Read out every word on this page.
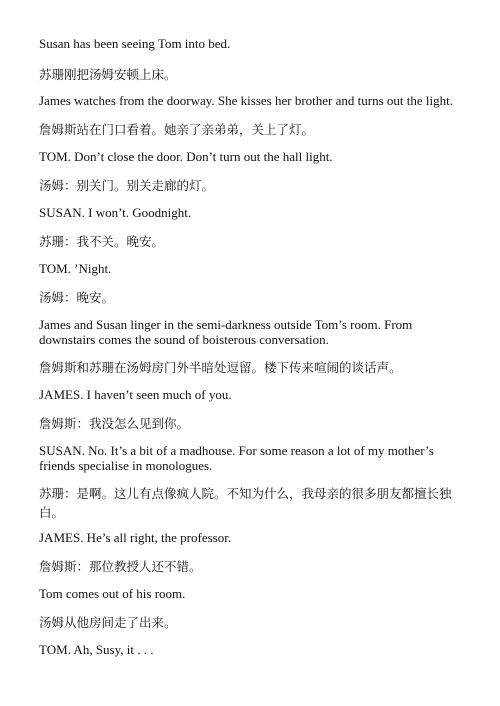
Susan has been seeing Tom into bed.
苏珊刚把汤姆安顿上床。
James watches from the doorway. She kisses her brother and turns out the light.
詹姆斯站在门口看着。她亲了亲弟弟，关上了灯。
TOM. Don’t close the door. Don’t turn out the hall light.
汤姆：别关门。别关走廊的灯。
SUSAN. I won’t. Goodnight.
苏珊：我不关。晚安。
TOM. ’Night.
汤姆：晚安。
James and Susan linger in the semi-darkness outside Tom’s room. From downstairs comes the sound of boisterous conversation.
詹姆斯和苏珊在汤姆房门外半暗处逗留。楼下传来喧闹的谈话声。
JAMES. I haven’t seen much of you.
詹姆斯：我没怎么见到你。
SUSAN. No. It’s a bit of a madhouse. For some reason a lot of my mother’s friends specialise in monologues.
苏珊：是啊。这儿有点像疯人院。不知为什么，我母亲的很多朋友都擅长独白。
JAMES. He’s all right, the professor.
詹姆斯：那位教授人还不错。
Tom comes out of his room.
汤姆从他房间走了出来。
TOM. Ah, Susy, it . . .
